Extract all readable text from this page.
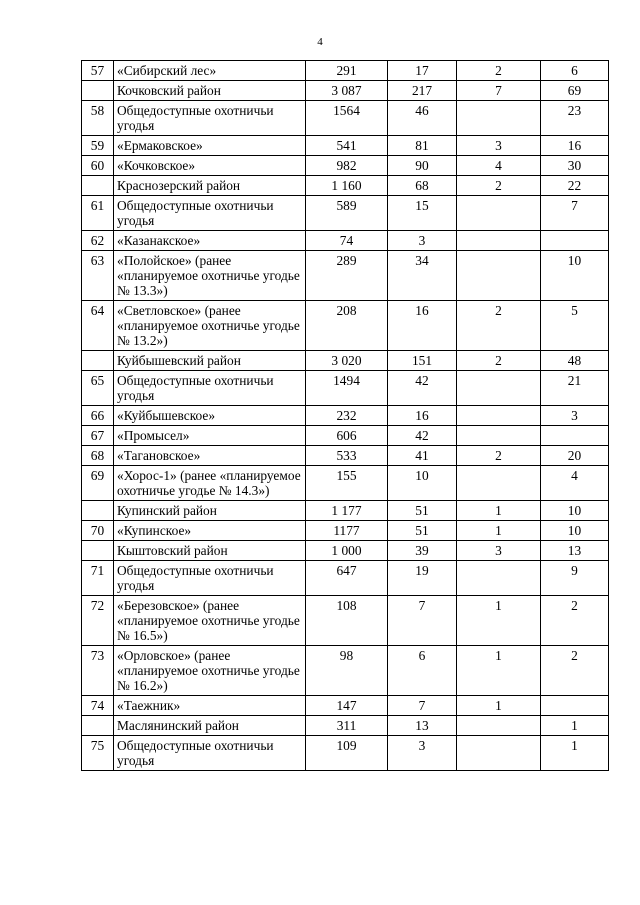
4
57	«Сибирский лес»	291	17	2	6
	Кочковский район	3 087	217	7	69
58	Общедоступные охотничьи угодья	1564	46		23
59	«Ермаковское»	541	81	3	16
60	«Кочковское»	982	90	4	30
	Краснозерский район	1 160	68	2	22
61	Общедоступные охотничьи угодья	589	15		7
62	«Казанакское»	74	3		
63	«Полойское» (ранее «планируемое охотничье угодье № 13.3»)	289	34		10
64	«Светловское» (ранее «планируемое охотничье угодье № 13.2»)	208	16	2	5
	Куйбышевский район	3 020	151	2	48
65	Общедоступные охотничьи угодья	1494	42		21
66	«Куйбышевское»	232	16		3
67	«Промысел»	606	42		
68	«Тагановское»	533	41	2	20
69	«Хорос-1» (ранее «планируемое охотничье угодье № 14.3»)	155	10		4
	Купинский район	1 177	51	1	10
70	«Купинское»	1177	51	1	10
	Кыштовский район	1 000	39	3	13
71	Общедоступные охотничьи угодья	647	19		9
72	«Березовское» (ранее «планируемое охотничье угодье № 16.5»)	108	7	1	2
73	«Орловское» (ранее «планируемое охотничье угодье № 16.2»)	98	6	1	2
74	«Таежник»	147	7	1	
	Маслянинский район	311	13		1
75	Общедоступные охотничьи угодья	109	3		1
